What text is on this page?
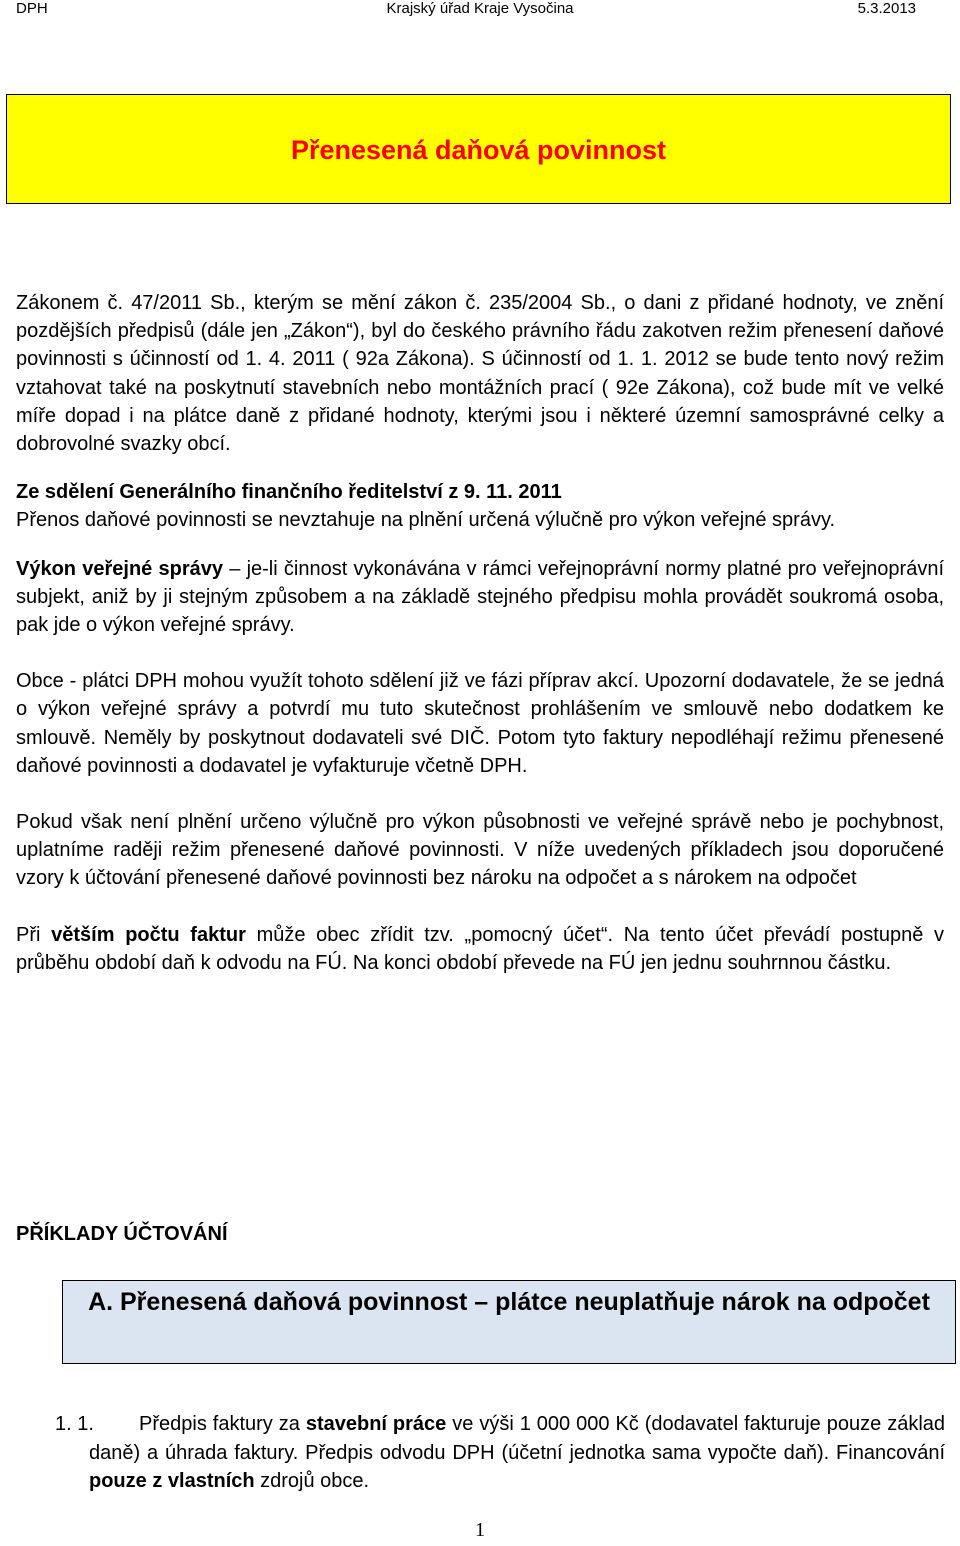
Krajský úřad Kraje Vysočina
DPH	5.3.2013
Přenesená daňová povinnost

Zákonem č. 47/2011 Sb., kterým se mění zákon č. 235/2004 Sb., o dani z přidané hodnoty, ve znění pozdějších předpisů (dále jen „Zákon“), byl do českého právního řádu zakotven režim přenesení daňové povinnosti s účinností od 1. 4. 2011 ( 92a Zákona). S účinností od 1. 1. 2012 se bude tento nový režim vztahovat také na poskytnutí stavebních nebo montážních prací ( 92e Zákona), což bude mít ve velké míře dopad i na plátce daně z přidané hodnoty, kterými jsou i některé územní samosprávné celky a dobrovolné svazky obcí.

Ze sdělení Generálního finančního ředitelství z 9. 11. 2011

Přenos daňové povinnosti se nevztahuje na plnění určená výlučně pro výkon veřejné správy.

Výkon veřejné správy – je-li činnost vykonávána v rámci veřejnoprávní normy platné pro veřejnoprávní subjekt, aniž by ji stejným způsobem a na základě stejného předpisu mohla provádět soukromá osoba, pak jde o výkon veřejné správy.

Obce - plátci DPH mohou využít tohoto sdělení již ve fázi příprav akcí. Upozorní dodavatele, že se jedná o výkon veřejné správy a potvrdí mu tuto skutečnost prohlášením ve smlouvě nebo dodatkem ke smlouvě. Neměly by poskytnout dodavateli své DIČ. Potom tyto faktury nepodléhají režimu přenesené daňové povinnosti a dodavatel je vyfakturuje včetně DPH.

Pokud však není plnění určeno výlučně pro výkon působnosti ve veřejné správě nebo je pochybnost, uplatníme raději režim přenesené daňové povinnosti. V níže uvedených příkladech jsou doporučené vzory k účtování přenesené daňové povinnosti bez nároku na odpočet a s nárokem na odpočet

Při větším počtu faktur může obec zřídit tzv. „pomocný účet“. Na tento účet převádí postupně v průběhu období daň k odvodu na FÚ. Na konci období převede na FÚ jen jednu souhrnnou částku.

PŘÍKLADY ÚČTOVÁNÍ
A. Přenesená daňová povinnost – plátce neuplatňuje nárok na odpočet
1. 1.	Předpis faktury za stavební práce ve výši 1 000 000 Kč (dodavatel fakturuje pouze základ daně) a úhrada faktury. Předpis odvodu DPH (účetní jednotka sama vypočte daň). Financování pouze z vlastních zdrojů obce.
1
